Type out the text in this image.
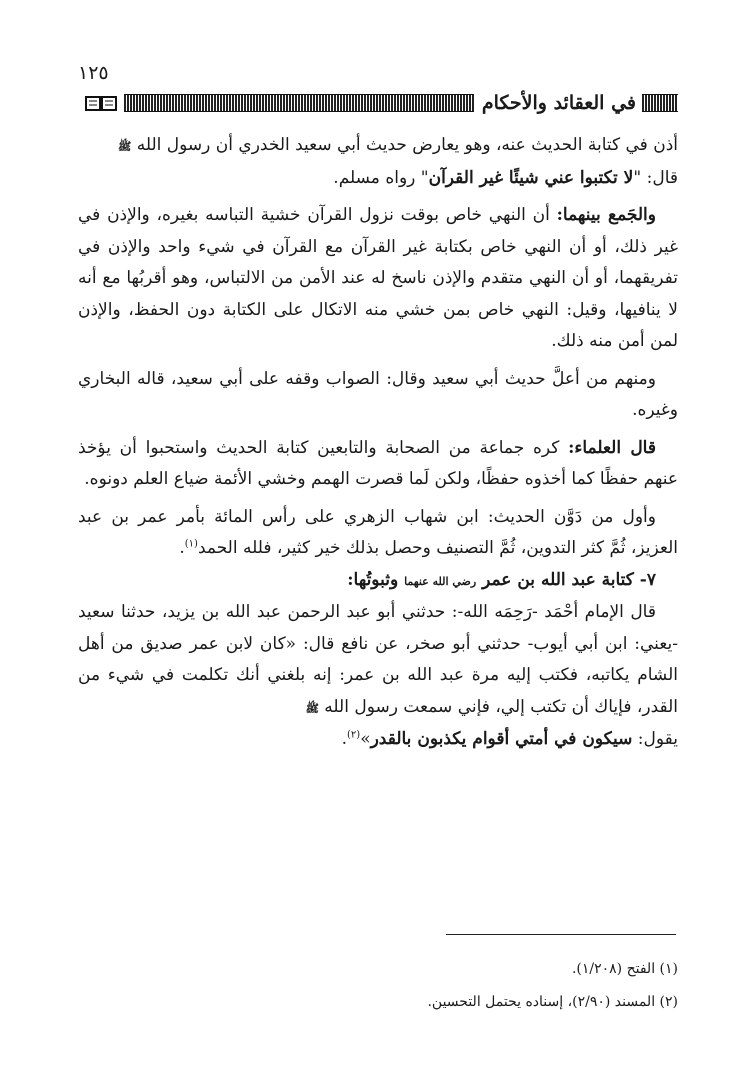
١٢٥
في العقائد والأحكام

أذن في كتابة الحديث عنه، وهو يعارض حديث أبي سعيد الخدري أن رسول الله ﷺ

قال: "لا تكتبوا عني شيئًا غير القرآن" رواه مسلم.

والجَمع بينهما: أن النهي خاص بوقت نزول القرآن خشية التباسه بغيره، والإذن في غير ذلك، أو أن النهي خاص بكتابة غير القرآن مع القرآن في شيء واحد والإذن في تفريقهما، أو أن النهي متقدم والإذن ناسخ له عند الأمن من الالتباس، وهو أقربُها مع أنه لا ينافيها، وقيل: النهي خاص بمن خشي منه الاتكال على الكتابة دون الحفظ، والإذن لمن أمن منه ذلك.

ومنهم من أعلَّ حديث أبي سعيد وقال: الصواب وقفه على أبي سعيد، قاله البخاري وغيره.

قال العلماء: كره جماعة من الصحابة والتابعين كتابة الحديث واستحبوا أن يؤخذ عنهم حفظًا كما أخذوه حفظًا، ولكن لَما قصرت الهمم وخشي الأئمة ضياع العلم دونوه.

وأول من دَوَّن الحديث: ابن شهاب الزهري على رأس المائة بأمر عمر بن عبد العزيز، ثُمَّ كثر التدوين، ثُمَّ التصنيف وحصل بذلك خير كثير، فلله الحمد$^{(١)}$.

٧- كتابة عبد الله بن عمر رضي الله عنهما وثبوتُها:

قال الإمام أحْمَد -رَحِمَه الله-: حدثني أبو عبد الرحمن عبد الله بن يزيد، حدثنا سعيد -يعني: ابن أبي أيوب- حدثني أبو صخر، عن نافع قال: «كان لابن عمر صديق من أهل الشام يكاتبه، فكتب إليه مرة عبد الله بن عمر: إنه بلغني أنك تكلمت في شيء من القدر، فإياك أن تكتب إلي، فإني سمعت رسول الله ﷺ

يقول: سيكون في أمتي أقوام يكذبون بالقدر»$^{(٢)}$.

(١) الفتح (١/٢٠٨).

(٢) المسند (٢/٩٠)، إسناده يحتمل التحسين.
